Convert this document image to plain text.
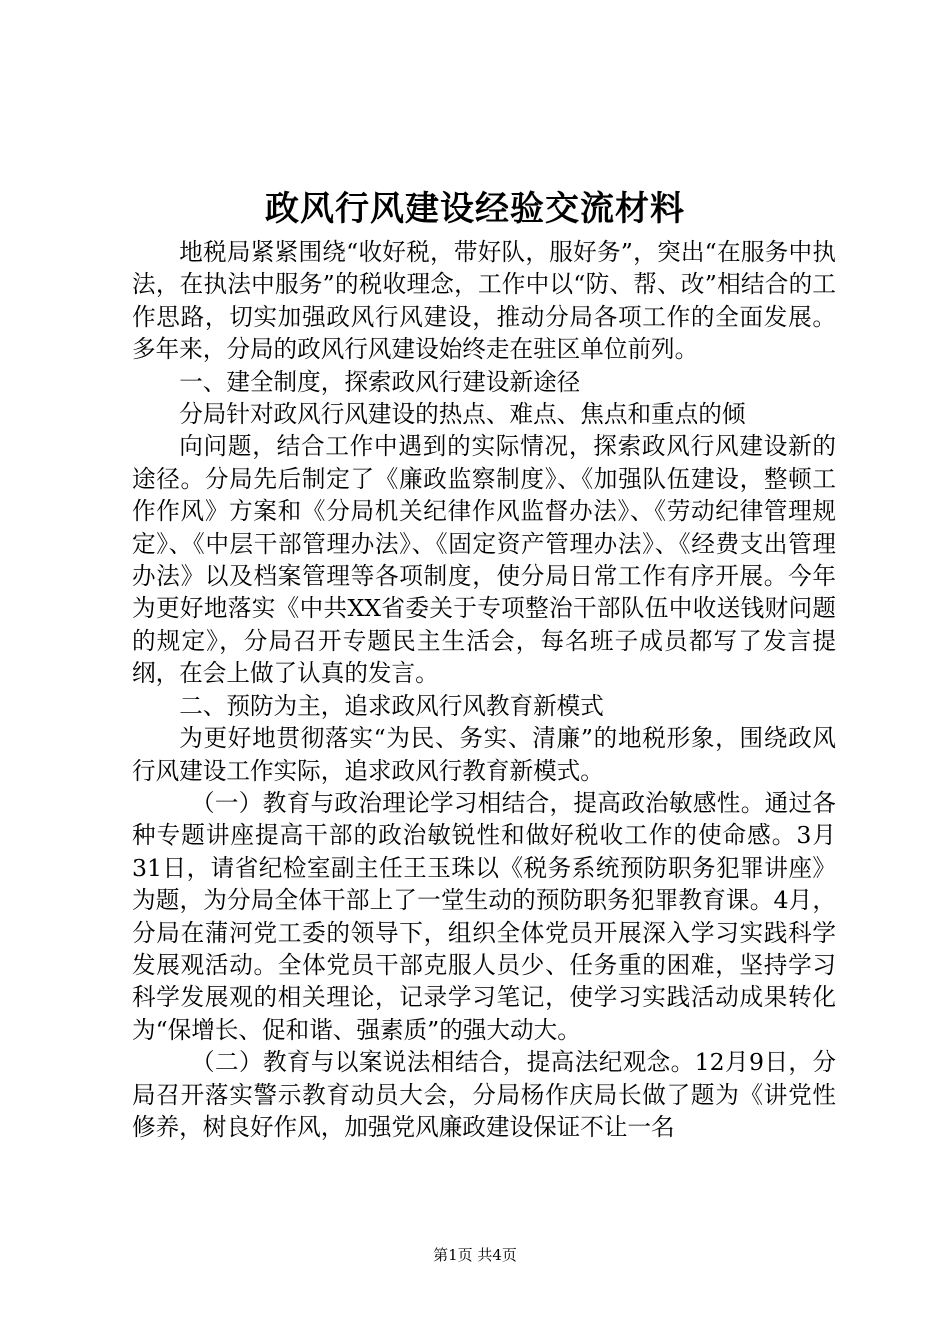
政风行风建设经验交流材料

地税局紧紧围绕“收好税，带好队，服好务”，突出“在服务中执法，在执法中服务”的税收理念，工作中以“防、帮、改”相结合的工作思路，切实加强政风行风建设，推动分局各项工作的全面发展。多年来，分局的政风行风建设始终走在驻区单位前列。

一、建全制度，探索政风行建设新途径

分局针对政风行风建设的热点、难点、焦点和重点的倾

向问题，结合工作中遇到的实际情况，探索政风行风建设新的途径。分局先后制定了《廉政监察制度》、《加强队伍建设，整顿工作作风》方案和《分局机关纪律作风监督办法》、《劳动纪律管理规定》、《中层干部管理办法》、《固定资产管理办法》、《经费支出管理办法》以及档案管理等各项制度，使分局日常工作有序开展。今年为更好地落实《中共XX省委关于专项整治干部队伍中收送钱财问题的规定》，分局召开专题民主生活会，每名班子成员都写了发言提纲，在会上做了认真的发言。

二、预防为主，追求政风行风教育新模式

为更好地贯彻落实“为民、务实、清廉”的地税形象，围绕政风行风建设工作实际，追求政风行教育新模式。

（一）教育与政治理论学习相结合，提高政治敏感性。通过各种专题讲座提高干部的政治敏锐性和做好税收工作的使命感。3月31日，请省纪检室副主任王玉珠以《税务系统预防职务犯罪讲座》为题，为分局全体干部上了一堂生动的预防职务犯罪教育课。4月，分局在蒲河党工委的领导下，组织全体党员开展深入学习实践科学发展观活动。全体党员干部克服人员少、任务重的困难，坚持学习科学发展观的相关理论，记录学习笔记，使学习实践活动成果转化为“保增长、促和谐、强素质”的强大动大。

（二）教育与以案说法相结合，提高法纪观念。12月9日，分局召开落实警示教育动员大会，分局杨作庆局长做了题为《讲党性修养，树良好作风，加强党风廉政建设保证不让一名

第1页 共4页
